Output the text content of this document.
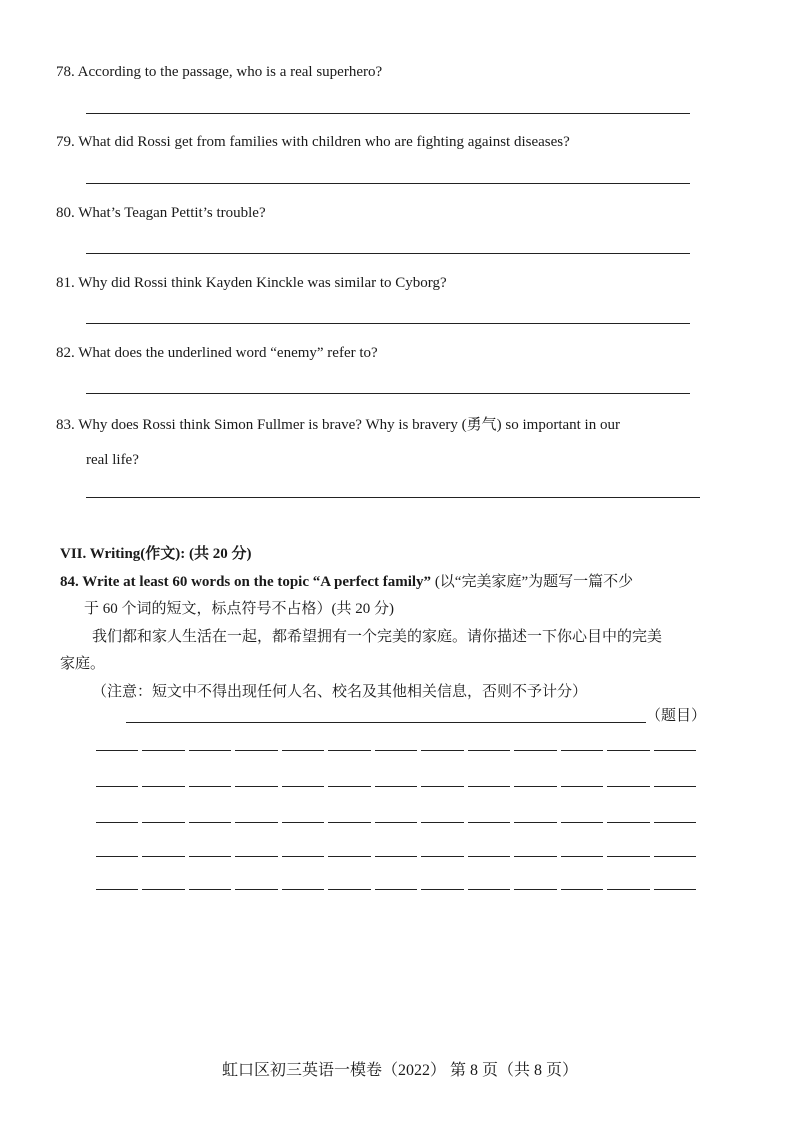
78. According to the passage, who is a real superhero?
79. What did Rossi get from families with children who are fighting against diseases?
80. What’s Teagan Pettit’s trouble?
81. Why did Rossi think Kayden Kinckle was similar to Cyborg?
82. What does the underlined word “enemy” refer to?
83. Why does Rossi think Simon Fullmer is brave? Why is bravery (勇气) so important in our
real life?
VII. Writing(作文): (共 20 分)
84. Write at least 60 words on the topic “A perfect family” (以“完美家庭”为题写一篇不少
于 60 个词的短文，标点符号不占格）(共 20 分)
我们都和家人生活在一起，都希望拥有一个完美的家庭。请你描述一下你心目中的完美
家庭。
（注意：短文中不得出现任何人名、校名及其他相关信息，否则不予计分）
（题目）
虹口区初三英语一模卷（2022） 第 8 页（共 8 页）
